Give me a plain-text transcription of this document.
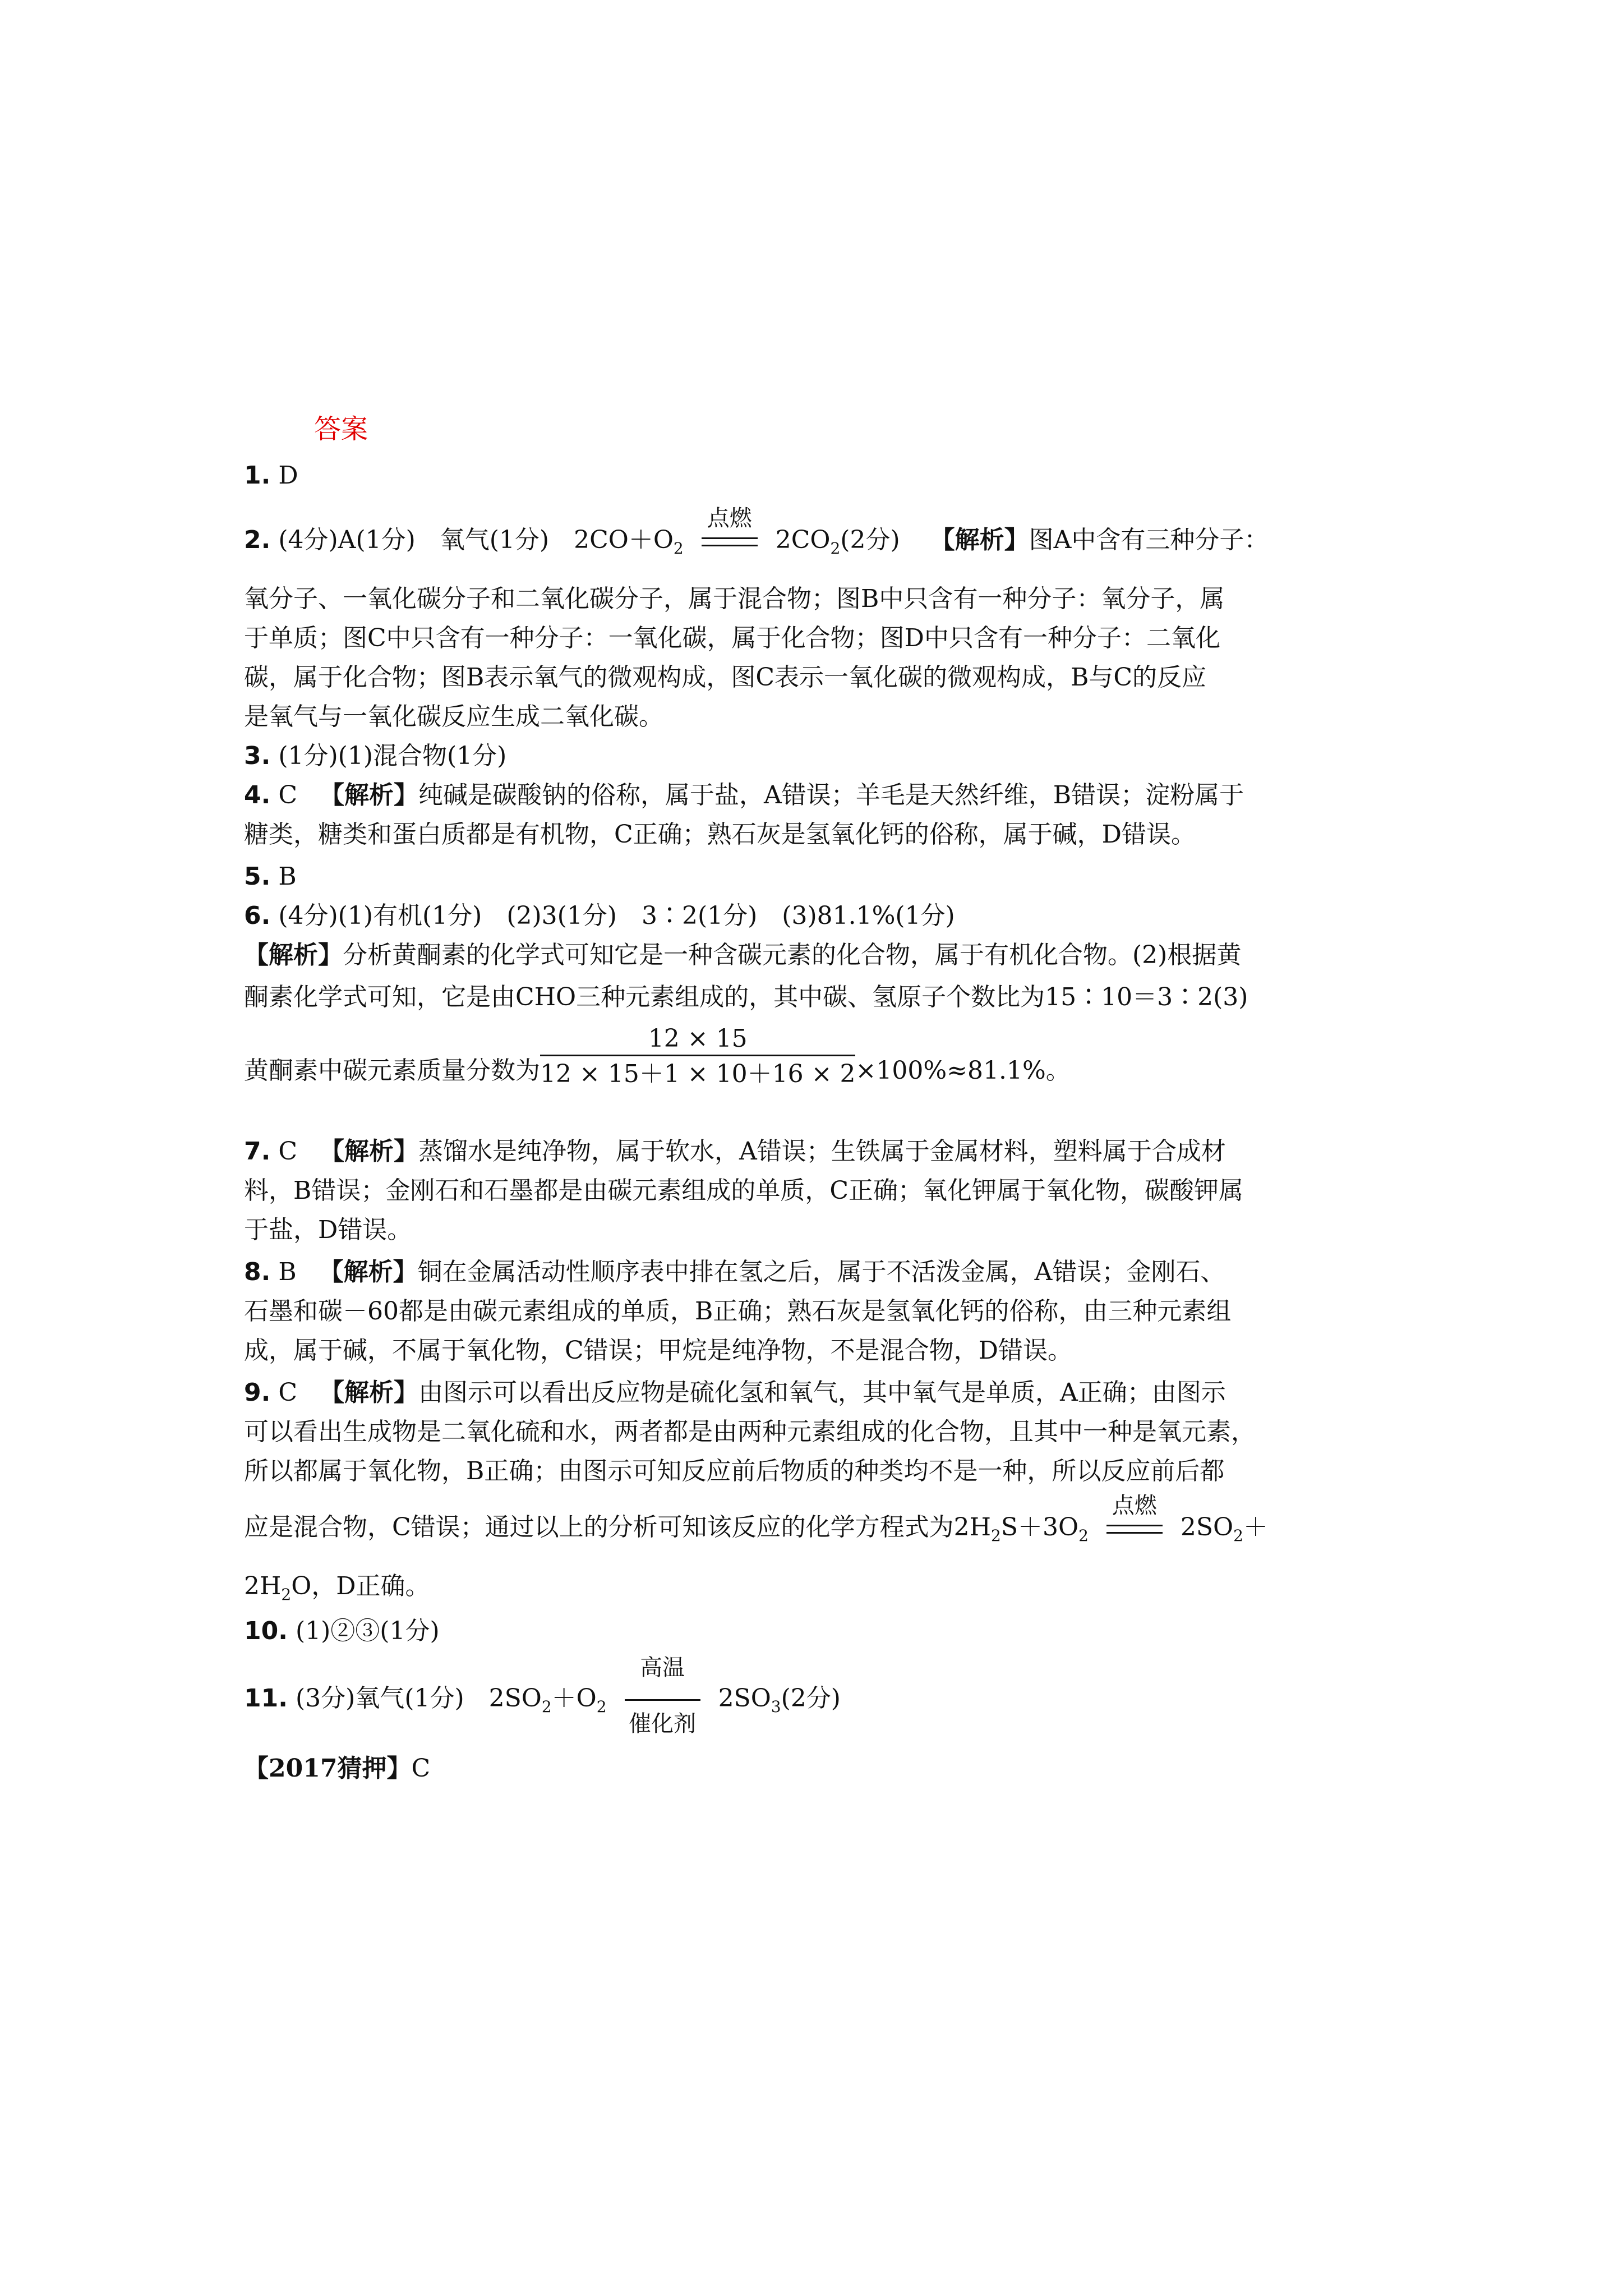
答案
1. D
2. (4分)A(1分)　氧气(1分)　$2CO+O_2$
点燃
$2CO_2(2$分) 【解析】图A中含有三种分子：
氧分子、一氧化碳分子和二氧化碳分子，属于混合物；图B中只含有一种分子：氧分子，属
于单质；图C中只含有一种分子：一氧化碳，属于化合物；图D中只含有一种分子：二氧化
碳，属于化合物；图B表示氧气的微观构成，图C表示一氧化碳的微观构成，B与C的反应
是氧气与一氧化碳反应生成二氧化碳。
3. (1分)(1)混合物(1分)
4. C 【解析】纯碱是碳酸钠的俗称，属于盐，A错误；羊毛是天然纤维，B错误；淀粉属于
糖类，糖类和蛋白质都是有机物，C正确；熟石灰是氢氧化钙的俗称，属于碱，D错误。
5. B
6. (4分)(1)有机(1分)　(2)3(1分)　3∶2(1分)　(3)81.1%(1分)
【解析】分析黄酮素的化学式可知它是一种含碳元素的化合物，属于有机化合物。(2)根据黄
酮素化学式可知，它是由CHO三种元素组成的，其中碳、氢原子个数比为15∶10＝3∶2(3)
黄酮素中碳元素质量分数为 $\frac{12 \times 15}{12 \times 15+1 \times 10+16 \times 2} \times 100\%\approx 81.1\%$。
7. C 【解析】蒸馏水是纯净物，属于软水，A错误；生铁属于金属材料，塑料属于合成材
料，B错误；金刚石和石墨都是由碳元素组成的单质，C正确；氧化钾属于氧化物，碳酸钾属
于盐，D错误。
8. B 【解析】铜在金属活动性顺序表中排在氢之后，属于不活泼金属，A错误；金刚石、
石墨和碳－60都是由碳元素组成的单质，B正确；熟石灰是氢氧化钙的俗称，由三种元素组
成，属于碱，不属于氧化物，C错误；甲烷是纯净物，不是混合物，D错误。
9. C 【解析】由图示可以看出反应物是硫化氢和氧气，其中氧气是单质，A正确；由图示
可以看出生成物是二氧化硫和水，两者都是由两种元素组成的化合物，且其中一种是氧元素，
所以都属于氧化物，B正确；由图示可知反应前后物质的种类均不是一种，所以反应前后都
应是混合物，C错误；通过以上的分析可知该反应的化学方程式为$2H_2S+3O_2$
点燃
$2SO_2+$
$2H_2O$，D正确。
10. (1)②③(1分)
11. (3分)氧气(1分)　$2SO_2+O_2$
高温
催化剂
$2SO_3(2$分)
【2017猜押】C
